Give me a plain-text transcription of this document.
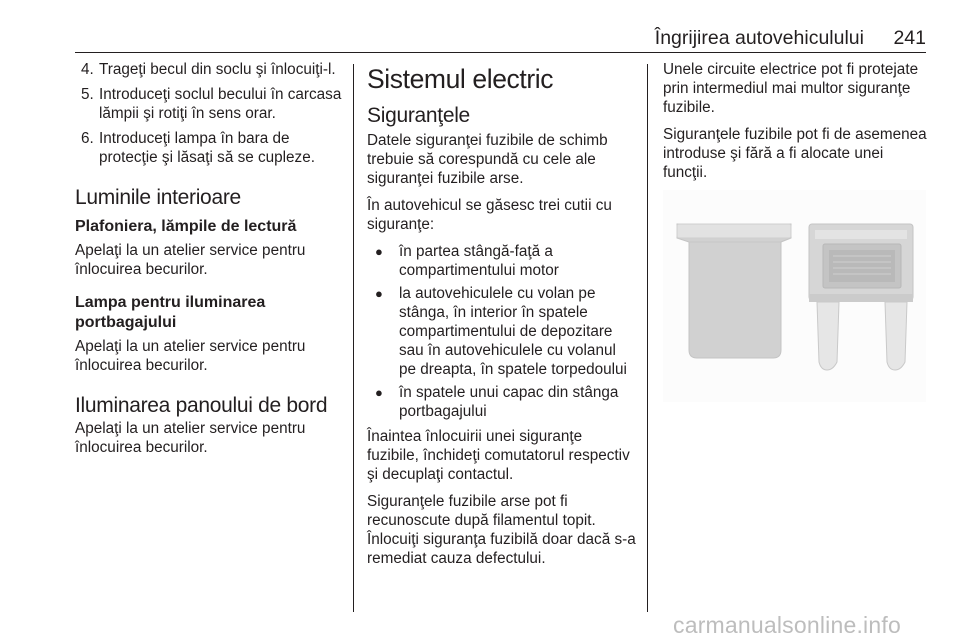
Îngrijirea autovehiculului 241
4. Trageţi becul din soclu şi înlocuiţi-l.
5. Introduceţi soclul becului în carcasa lămpii şi rotiţi în sens orar.
6. Introduceţi lampa în bara de protecţie şi lăsaţi să se cupleze.
Luminile interioare
Plafoniera, lămpile de lectură

Apelaţi la un atelier service pentru înlocuirea becurilor.

Lampa pentru iluminarea portbagajului

Apelaţi la un atelier service pentru înlocuirea becurilor.

Iluminarea panoului de bord

Apelaţi la un atelier service pentru înlocuirea becurilor.

Sistemul electric
Siguranţele

Datele siguranţei fuzibile de schimb trebuie să corespundă cu cele ale siguranţei fuzibile arse.

În autovehicul se găsesc trei cutii cu siguranţe:

● în partea stângă-faţă a compartimentului motor
● la autovehiculele cu volan pe stânga, în interior în spatele compartimentului de depozitare sau în autovehiculele cu volanul pe dreapta, în spatele torpedoului
● în spatele unui capac din stânga portbagajului

Înaintea înlocuirii unei siguranţe fuzibile, închideţi comutatorul respectiv şi decuplaţi contactul.

Siguranţele fuzibile arse pot fi recunoscute după filamentul topit. Înlocuiţi siguranţa fuzibilă doar dacă s-a remediat cauza defectului.

Unele circuite electrice pot fi protejate prin intermediul mai multor siguranţe fuzibile.

Siguranţele fuzibile pot fi de asemenea introduse şi fără a fi alocate unei funcţii.

carmanualsonline.info
